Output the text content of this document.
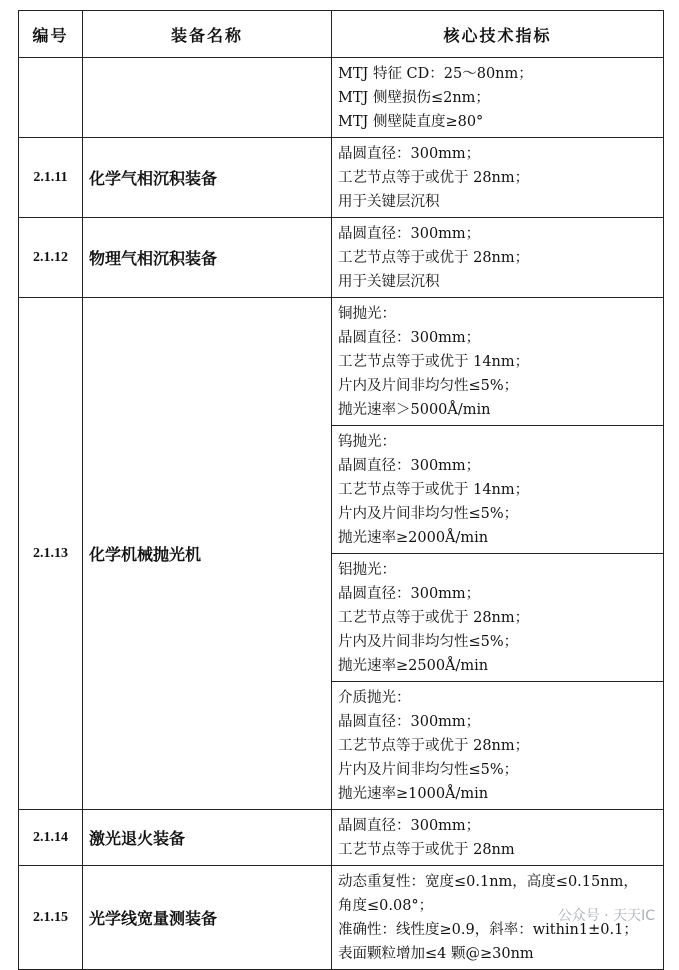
编号	装备名称	核心技术指标

		MTJ 特征 CD：25～80nm；
MTJ 侧壁损伤≤2nm；
MTJ 侧壁陡直度≥80°

2.1.11	化学气相沉积装备	晶圆直径：300mm；
工艺节点等于或优于 28nm；
用于关键层沉积

2.1.12	物理气相沉积装备	晶圆直径：300mm；
工艺节点等于或优于 28nm；
用于关键层沉积

2.1.13	化学机械抛光机	铜抛光：
晶圆直径：300mm；
工艺节点等于或优于 14nm；
片内及片间非均匀性≤5%；
抛光速率＞5000Å/min

		钨抛光：
晶圆直径：300mm；
工艺节点等于或优于 14nm；
片内及片间非均匀性≤5%；
抛光速率≥2000Å/min

		铝抛光：
晶圆直径：300mm；
工艺节点等于或优于 28nm；
片内及片间非均匀性≤5%；
抛光速率≥2500Å/min

		介质抛光：
晶圆直径：300mm；
工艺节点等于或优于 28nm；
片内及片间非均匀性≤5%；
抛光速率≥1000Å/min

2.1.14	激光退火装备	晶圆直径：300mm；
工艺节点等于或优于 28nm

2.1.15	光学线宽量测装备	动态重复性：宽度≤0.1nm，高度≤0.15nm，
角度≤0.08°；
准确性：线性度≥0.9，斜率：within1±0.1；
表面颗粒增加≤4 颗@≥30nm
公众号 · 天天IC
